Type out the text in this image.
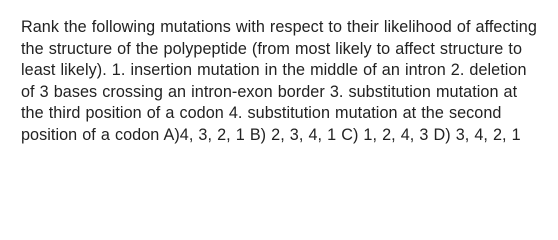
Rank the following mutations with respect to their likelihood of affecting the structure of the polypeptide (from most likely to affect structure to least likely). 1. insertion mutation in the middle of an intron 2. deletion of 3 bases crossing an intron-exon border 3. substitution mutation at the third position of a codon 4. substitution mutation at the second position of a codon A)4, 3, 2, 1 B) 2, 3, 4, 1 C) 1, 2, 4, 3 D) 3, 4, 2, 1
